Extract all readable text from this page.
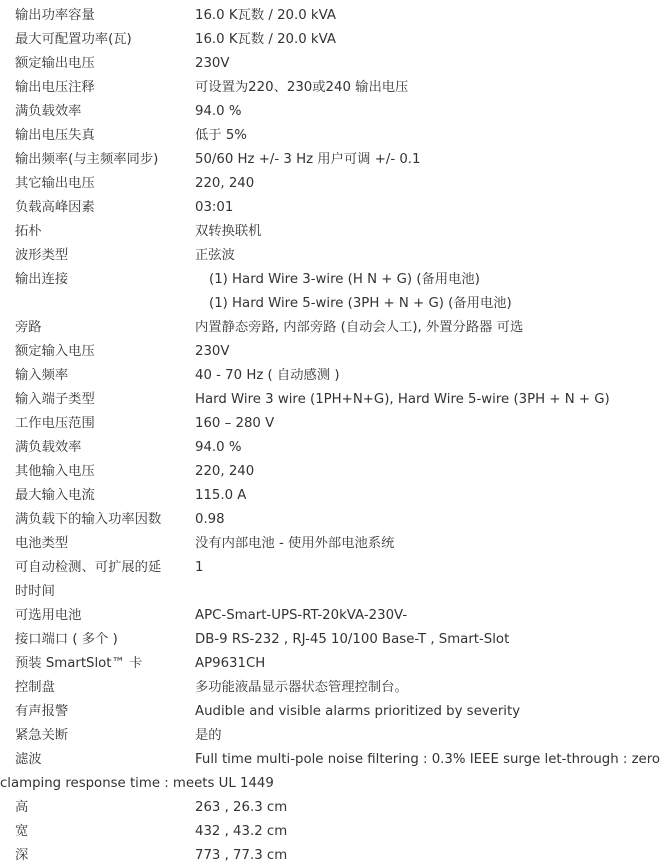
输出功率容量	16.0 K瓦数 / 20.0 kVA
最大可配置功率(瓦)	16.0 K瓦数 / 20.0 kVA
额定输出电压	230V
输出电压注释	可设置为220、230或240 输出电压
满负载效率	94.0 %
输出电压失真	低于 5%
输出频率(与主频率同步)	50/60 Hz +/- 3 Hz 用户可调 +/- 0.1
其它输出电压	220, 240
负载高峰因素	03:01
拓朴	双转换联机
波形类型	正弦波
输出连接	(1) Hard Wire 3-wire (H N + G) (备用电池)
(1) Hard Wire 5-wire (3PH + N + G) (备用电池)
旁路	内置静态旁路, 内部旁路 (自动会人工), 外置分路器 可选
额定输入电压	230V
输入频率	40 - 70 Hz ( 自动感测 )
输入端子类型	Hard Wire 3 wire (1PH+N+G), Hard Wire 5-wire (3PH + N + G)
工作电压范围	160 – 280 V
满负载效率	94.0 %
其他输入电压	220, 240
最大输入电流	115.0 A
满负载下的输入功率因数	0.98
电池类型	没有内部电池 - 使用外部电池系统
可自动检测、可扩展的延	1
时时间
可选用电池	APC-Smart-UPS-RT-20kVA-230V-
接口端口 ( 多个 )	DB-9 RS-232 , RJ-45 10/100 Base-T , Smart-Slot
预装 SmartSlot™ 卡	AP9631CH
控制盘	多功能液晶显示器状态管理控制台。
有声报警	Audible and visible alarms prioritized by severity
紧急关断	是的
滤波	Full time multi-pole noise filtering : 0.3% IEEE surge let-through : zero
clamping response time : meets UL 1449
高	263 , 26.3 cm
宽	432 , 43.2 cm
深	773 , 77.3 cm
